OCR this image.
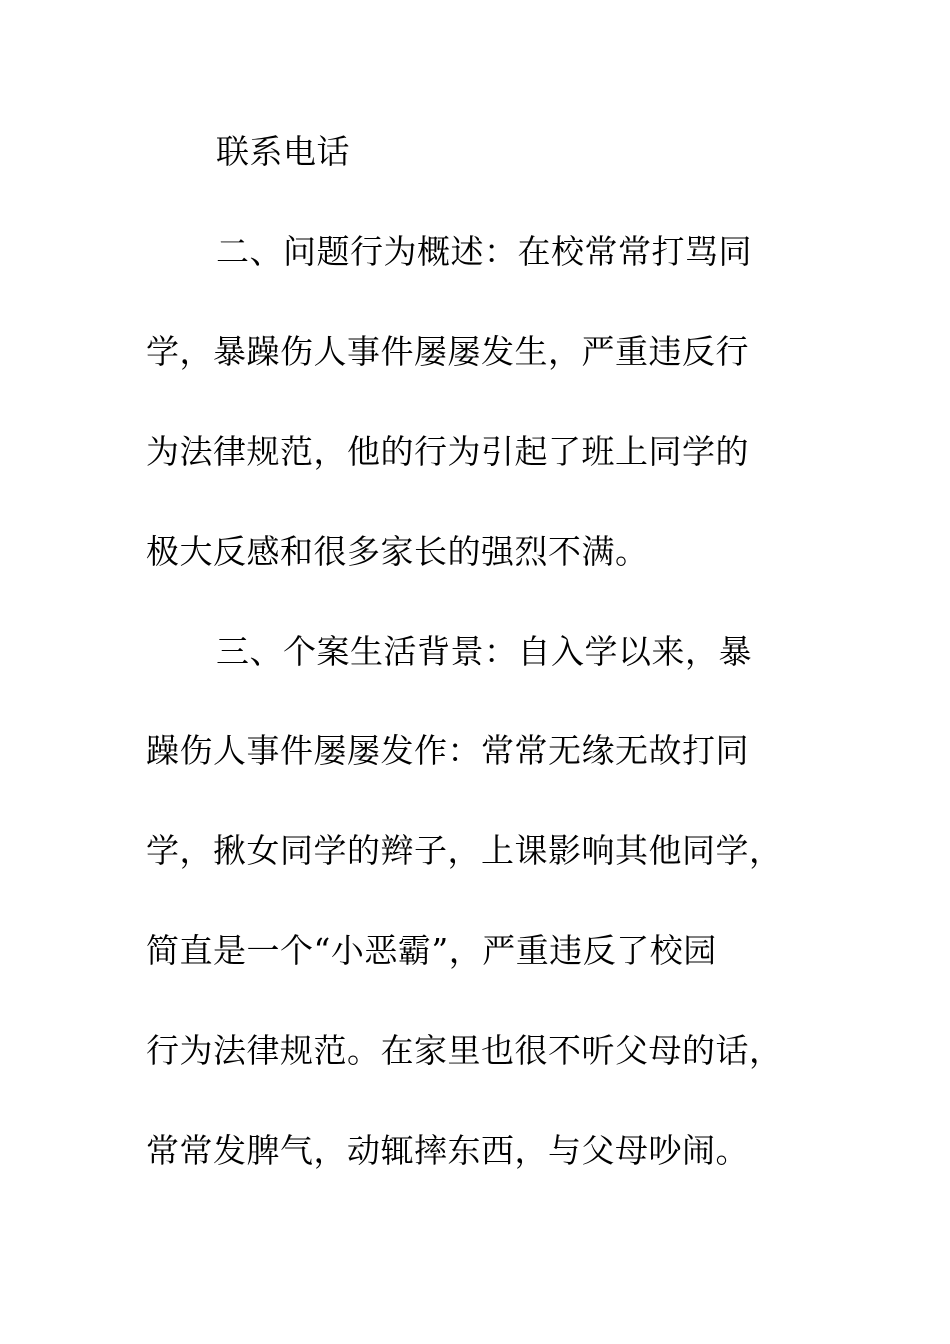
联系电话

二、问题行为概述：在校常常打骂同

学，暴躁伤人事件屡屡发生，严重违反行

为法律规范，他的行为引起了班上同学的

极大反感和很多家长的强烈不满。

三、个案生活背景：自入学以来，暴

躁伤人事件屡屡发作：常常无缘无故打同

学，揪女同学的辫子，上课影响其他同学，

简直是一个“小恶霸”，严重违反了校园

行为法律规范。在家里也很不听父母的话，

常常发脾气，动辄摔东西，与父母吵闹。
